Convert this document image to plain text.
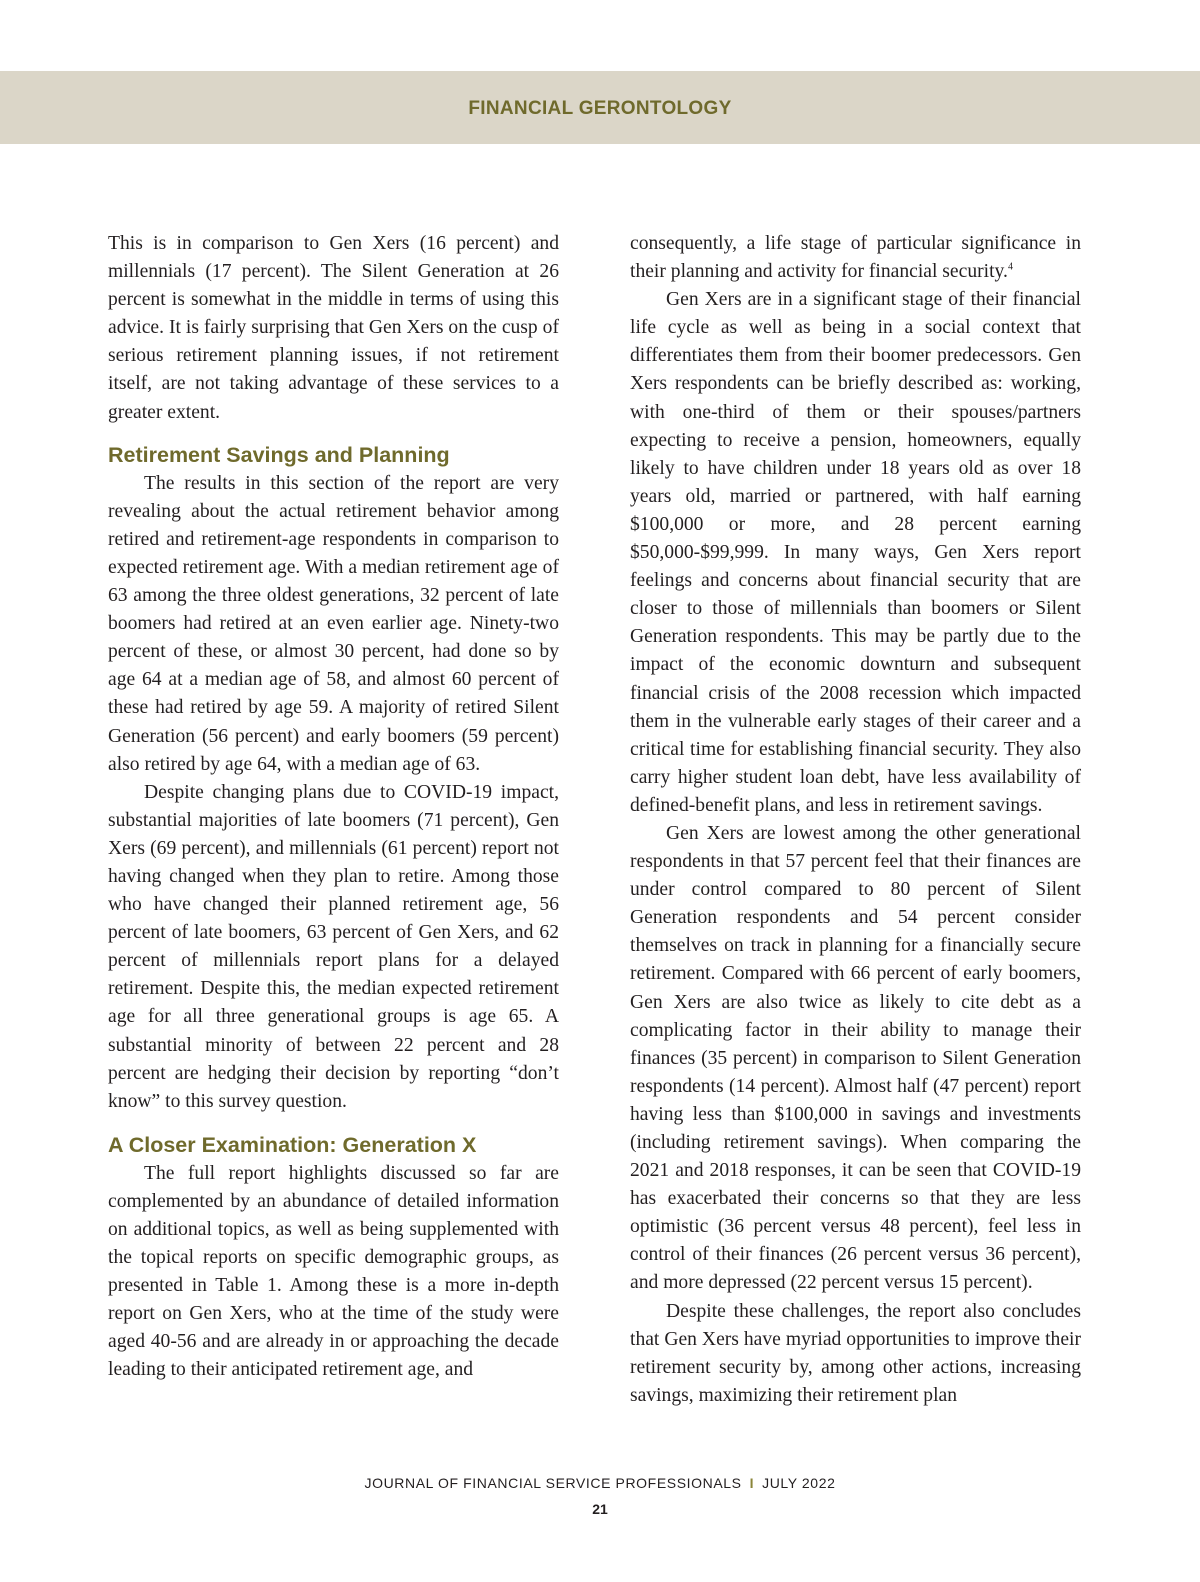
FINANCIAL GERONTOLOGY

This is in comparison to Gen Xers (16 percent) and millennials (17 percent). The Silent Generation at 26 percent is somewhat in the middle in terms of using this advice. It is fairly surprising that Gen Xers on the cusp of serious retirement planning issues, if not retirement itself, are not taking advantage of these services to a greater extent.

Retirement Savings and Planning

The results in this section of the report are very revealing about the actual retirement behavior among retired and retirement-age respondents in comparison to expected retirement age. With a median retirement age of 63 among the three oldest generations, 32 percent of late boomers had retired at an even earlier age. Ninety-two percent of these, or almost 30 percent, had done so by age 64 at a median age of 58, and almost 60 percent of these had retired by age 59. A majority of retired Silent Generation (56 percent) and early boomers (59 percent) also retired by age 64, with a median age of 63.

Despite changing plans due to COVID-19 impact, substantial majorities of late boomers (71 percent), Gen Xers (69 percent), and millennials (61 percent) report not having changed when they plan to retire. Among those who have changed their planned retirement age, 56 percent of late boomers, 63 percent of Gen Xers, and 62 percent of millennials report plans for a delayed retirement. Despite this, the median expected retirement age for all three generational groups is age 65. A substantial minority of between 22 percent and 28 percent are hedging their decision by reporting “don’t know” to this survey question.

A Closer Examination: Generation X

The full report highlights discussed so far are complemented by an abundance of detailed information on additional topics, as well as being supplemented with the topical reports on specific demographic groups, as presented in Table 1. Among these is a more in-depth report on Gen Xers, who at the time of the study were aged 40-56 and are already in or approaching the decade leading to their anticipated retirement age, and

consequently, a life stage of particular significance in their planning and activity for financial security.$^4$

Gen Xers are in a significant stage of their financial life cycle as well as being in a social context that differentiates them from their boomer predecessors. Gen Xers respondents can be briefly described as: working, with one-third of them or their spouses/partners expecting to receive a pension, homeowners, equally likely to have children under 18 years old as over 18 years old, married or partnered, with half earning $100,000 or more, and 28 percent earning $50,000-$99,999. In many ways, Gen Xers report feelings and concerns about financial security that are closer to those of millennials than boomers or Silent Generation respondents. This may be partly due to the impact of the economic downturn and subsequent financial crisis of the 2008 recession which impacted them in the vulnerable early stages of their career and a critical time for establishing financial security. They also carry higher student loan debt, have less availability of defined-benefit plans, and less in retirement savings.

Gen Xers are lowest among the other generational respondents in that 57 percent feel that their finances are under control compared to 80 percent of Silent Generation respondents and 54 percent consider themselves on track in planning for a financially secure retirement. Compared with 66 percent of early boomers, Gen Xers are also twice as likely to cite debt as a complicating factor in their ability to manage their finances (35 percent) in comparison to Silent Generation respondents (14 percent). Almost half (47 percent) report having less than $100,000 in savings and investments (including retirement savings). When comparing the 2021 and 2018 responses, it can be seen that COVID-19 has exacerbated their concerns so that they are less optimistic (36 percent versus 48 percent), feel less in control of their finances (26 percent versus 36 percent), and more depressed (22 percent versus 15 percent).

Despite these challenges, the report also concludes that Gen Xers have myriad opportunities to improve their retirement security by, among other actions, increasing savings, maximizing their retirement plan

JOURNAL OF FINANCIAL SERVICE PROFESSIONALS I JULY 2022
21
